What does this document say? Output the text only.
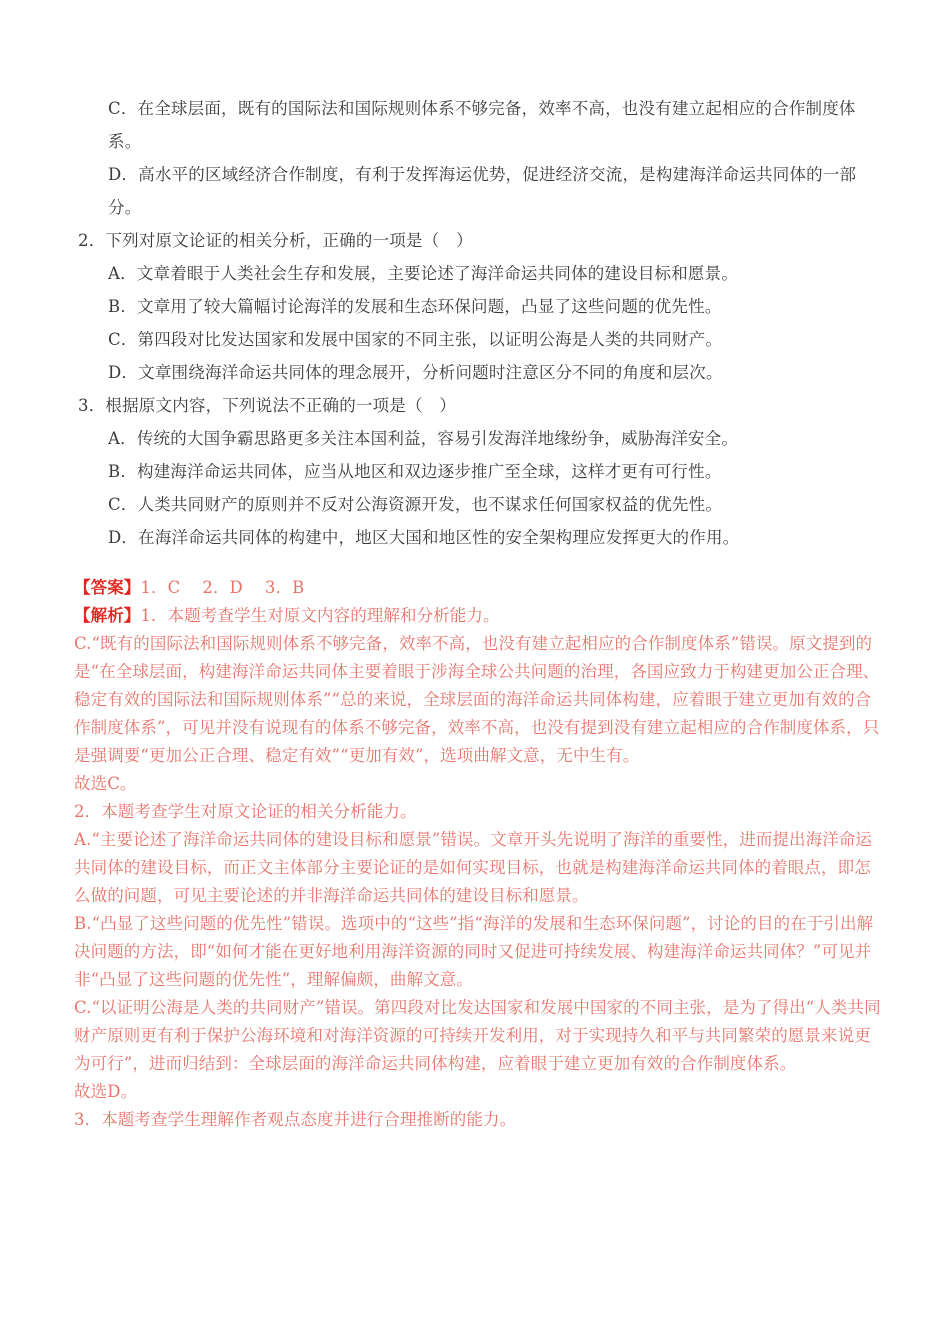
C．在全球层面，既有的国际法和国际规则体系不够完备，效率不高，也没有建立起相应的合作制度体系。
D．高水平的区域经济合作制度，有利于发挥海运优势，促进经济交流，是构建海洋命运共同体的一部分。
2．下列对原文论证的相关分析，正确的一项是（　）
A．文章着眼于人类社会生存和发展，主要论述了海洋命运共同体的建设目标和愿景。
B．文章用了较大篇幅讨论海洋的发展和生态环保问题，凸显了这些问题的优先性。
C．第四段对比发达国家和发展中国家的不同主张，以证明公海是人类的共同财产。
D．文章围绕海洋命运共同体的理念展开，分析问题时注意区分不同的角度和层次。
3．根据原文内容，下列说法不正确的一项是（　）
A．传统的大国争霸思路更多关注本国利益，容易引发海洋地缘纷争，威胁海洋安全。
B．构建海洋命运共同体，应当从地区和双边逐步推广至全球，这样才更有可行性。
C．人类共同财产的原则并不反对公海资源开发，也不谋求任何国家权益的优先性。
D．在海洋命运共同体的构建中，地区大国和地区性的安全架构理应发挥更大的作用。
【答案】1．C 2．D 3．B
【解析】1．本题考查学生对原文内容的理解和分析能力。
C.“既有的国际法和国际规则体系不够完备，效率不高，也没有建立起相应的合作制度体系”错误。原文提到的是“在全球层面，构建海洋命运共同体主要着眼于涉海全球公共问题的治理，各国应致力于构建更加公正合理、稳定有效的国际法和国际规则体系”“总的来说，全球层面的海洋命运共同体构建，应着眼于建立更加有效的合作制度体系”，可见并没有说现有的体系不够完备，效率不高，也没有提到没有建立起相应的合作制度体系，只是强调要“更加公正合理、稳定有效”“更加有效”，选项曲解文意，无中生有。
故选C。
2．本题考查学生对原文论证的相关分析能力。
A.“主要论述了海洋命运共同体的建设目标和愿景”错误。文章开头先说明了海洋的重要性，进而提出海洋命运共同体的建设目标，而正文主体部分主要论证的是如何实现目标，也就是构建海洋命运共同体的着眼点，即怎么做的问题，可见主要论述的并非海洋命运共同体的建设目标和愿景。
B.“凸显了这些问题的优先性”错误。选项中的“这些”指“海洋的发展和生态环保问题”，讨论的目的在于引出解决问题的方法，即“如何才能在更好地利用海洋资源的同时又促进可持续发展、构建海洋命运共同体？”可见并非“凸显了这些问题的优先性”，理解偏颇，曲解文意。
C.“以证明公海是人类的共同财产”错误。第四段对比发达国家和发展中国家的不同主张，是为了得出“人类共同财产原则更有利于保护公海环境和对海洋资源的可持续开发利用，对于实现持久和平与共同繁荣的愿景来说更为可行”，进而归结到：全球层面的海洋命运共同体构建，应着眼于建立更加有效的合作制度体系。
故选D。
3．本题考查学生理解作者观点态度并进行合理推断的能力。
